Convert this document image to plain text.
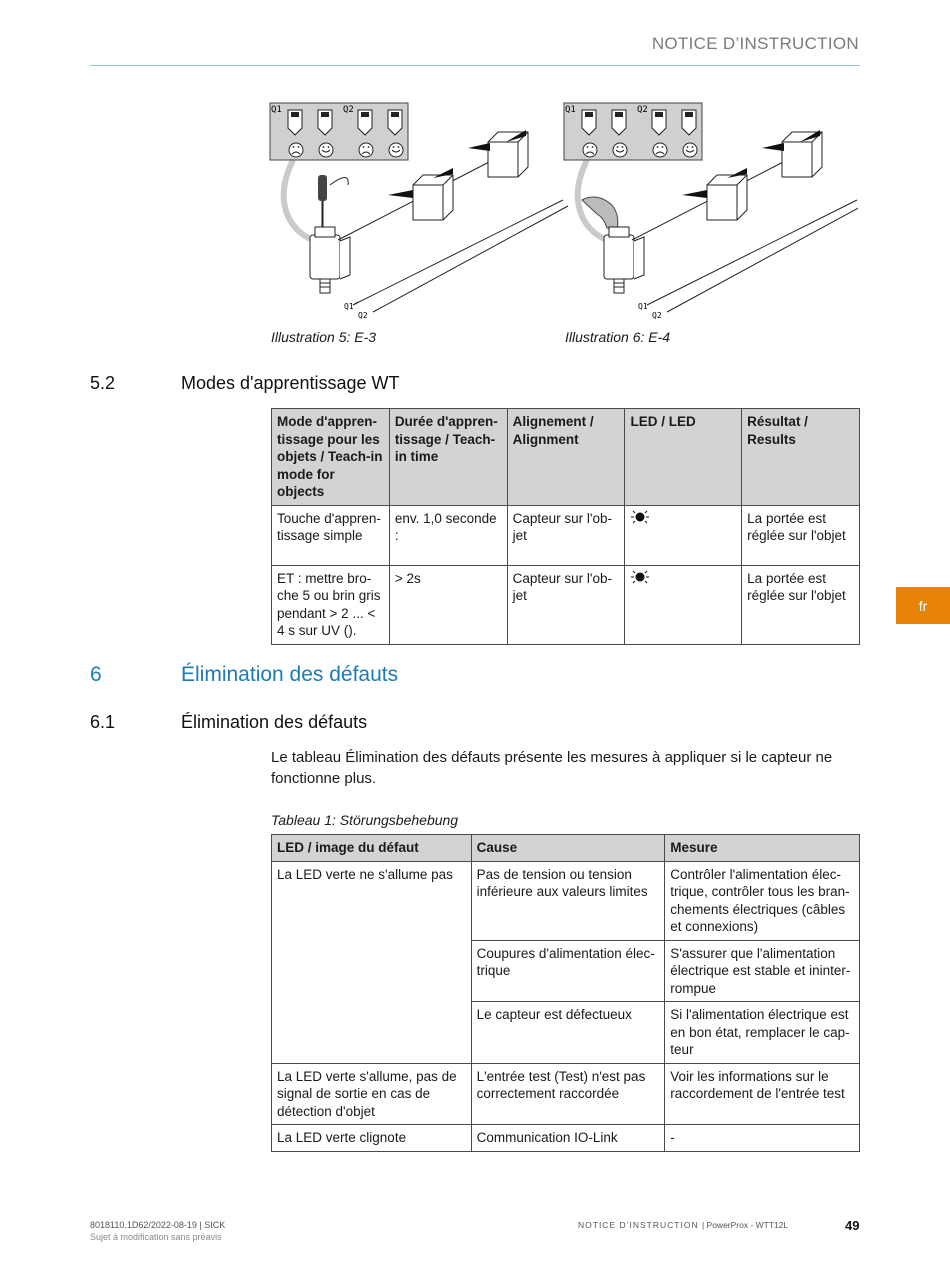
NOTICE D’INSTRUCTION
fr
Q1	Q2
Q1
Q2
Q1	Q2
Q1
Q2
Illustration 5: E-3	Illustration 6: E-4
5.2	Modes d'apprentissage WT
Mode d'appren-tissage pour les objets / Teach-in mode for objects	Durée d'appren-tissage / Teach-in time	Alignement / Alignment	LED / LED	Résultat / Results
Touche d'appren-tissage simple	env. 1,0 seconde :	Capteur sur l'ob-jet		La portée est réglée sur l'objet
ET : mettre bro-che 5 ou brin gris pendant > 2 ... < 4 s sur UV ().	> 2s	Capteur sur l'ob-jet		La portée est réglée sur l'objet
6	Élimination des défauts
6.1	Élimination des défauts
Le tableau Élimination des défauts présente les mesures à appliquer si le capteur ne fonctionne plus.
Tableau 1: Störungsbehebung
LED / image du défaut	Cause	Mesure
La LED verte ne s'allume pas	Pas de tension ou tension inférieure aux valeurs limites	Contrôler l'alimentation élec-trique, contrôler tous les bran-chements électriques (câbles et connexions)
	Coupures d'alimentation élec-trique	S'assurer que l'alimentation électrique est stable et ininter-rompue
	Le capteur est défectueux	Si l'alimentation électrique est en bon état, remplacer le cap-teur
La LED verte s'allume, pas de signal de sortie en cas de détection d'objet	L'entrée test (Test) n'est pas correctement raccordée	Voir les informations sur le raccordement de l'entrée test
La LED verte clignote	Communication IO-Link	-
8018110.1D62/2022-08-19 | SICK
Sujet à modification sans préavis
NOTICE D’INSTRUCTION | PowerProx - WTT12L	49
